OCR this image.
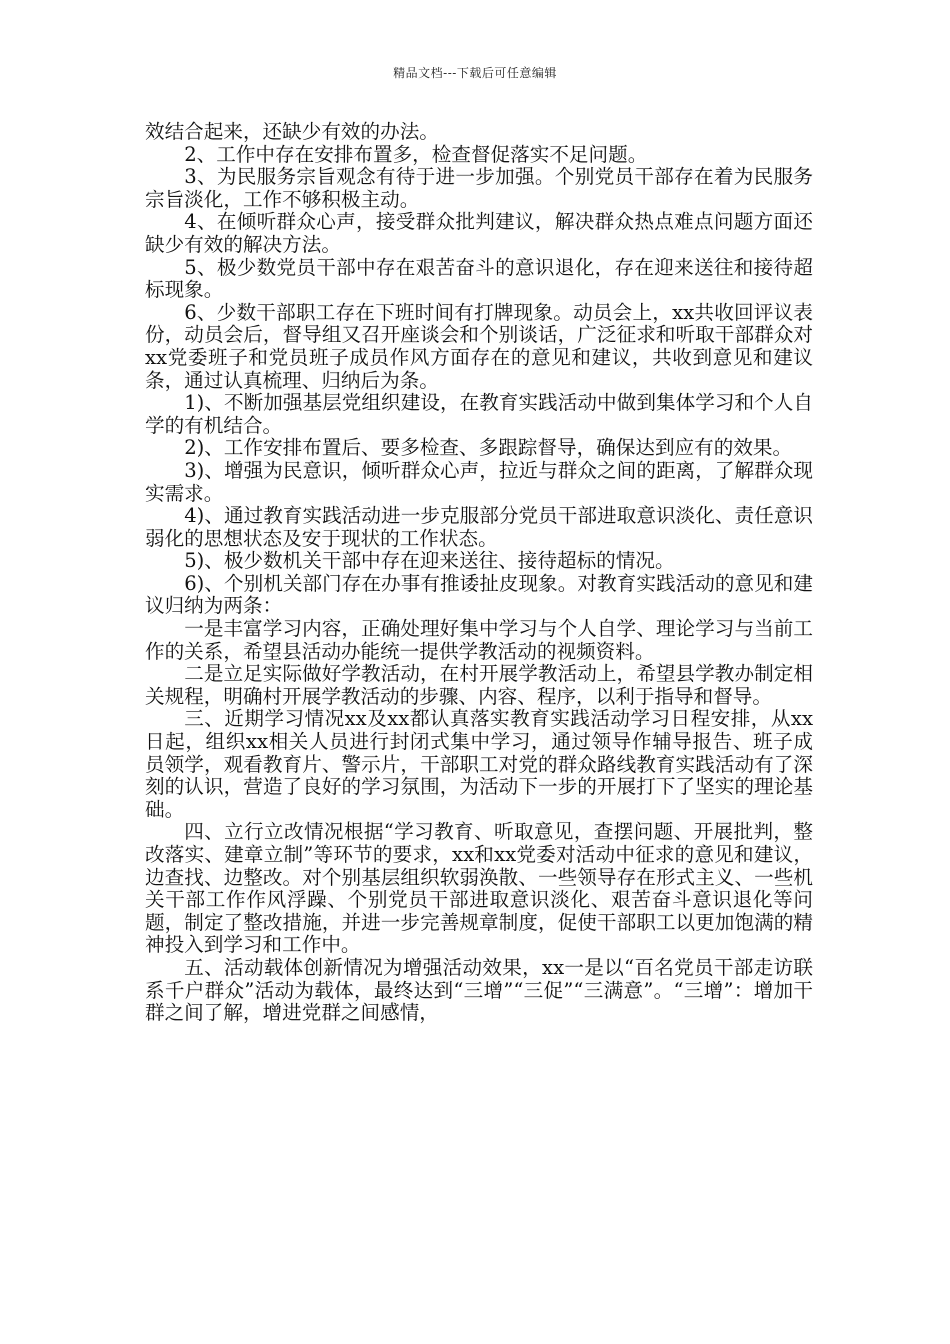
精品文档---下载后可任意编辑

效结合起来，还缺少有效的办法。

2、工作中存在安排布置多，检查督促落实不足问题。

3、为民服务宗旨观念有待于进一步加强。个别党员干部存在着为民服务宗旨淡化，工作不够积极主动。

4、在倾听群众心声，接受群众批判建议，解决群众热点难点问题方面还缺少有效的解决方法。

5、极少数党员干部中存在艰苦奋斗的意识退化，存在迎来送往和接待超标现象。

6、少数干部职工存在下班时间有打牌现象。动员会上，xx共收回评议表份，动员会后，督导组又召开座谈会和个别谈话，广泛征求和听取干部群众对xx党委班子和党员班子成员作风方面存在的意见和建议，共收到意见和建议条，通过认真梳理、归纳后为条。

1)、不断加强基层党组织建设，在教育实践活动中做到集体学习和个人自学的有机结合。

2)、工作安排布置后、要多检查、多跟踪督导，确保达到应有的效果。

3)、增强为民意识，倾听群众心声，拉近与群众之间的距离，了解群众现实需求。

4)、通过教育实践活动进一步克服部分党员干部进取意识淡化、责任意识弱化的思想状态及安于现状的工作状态。

5)、极少数机关干部中存在迎来送往、接待超标的情况。

6)、个别机关部门存在办事有推诿扯皮现象。对教育实践活动的意见和建议归纳为两条：

一是丰富学习内容，正确处理好集中学习与个人自学、理论学习与当前工作的关系，希望县活动办能统一提供学教活动的视频资料。

二是立足实际做好学教活动，在村开展学教活动上，希望县学教办制定相关规程，明确村开展学教活动的步骤、内容、程序，以利于指导和督导。

三、近期学习情况xx及xx都认真落实教育实践活动学习日程安排，从xx日起，组织xx相关人员进行封闭式集中学习，通过领导作辅导报告、班子成员领学，观看教育片、警示片，干部职工对党的群众路线教育实践活动有了深刻的认识，营造了良好的学习氛围，为活动下一步的开展打下了坚实的理论基础。

四、立行立改情况根据“学习教育、听取意见，查摆问题、开展批判，整改落实、建章立制”等环节的要求，xx和xx党委对活动中征求的意见和建议，边查找、边整改。对个别基层组织软弱涣散、一些领导存在形式主义、一些机关干部工作作风浮躁、个别党员干部进取意识淡化、艰苦奋斗意识退化等问题，制定了整改措施，并进一步完善规章制度，促使干部职工以更加饱满的精神投入到学习和工作中。

五、活动载体创新情况为增强活动效果，xx一是以“百名党员干部走访联系千户群众”活动为载体，最终达到“三增”“三促”“三满意”。“三增”：增加干群之间了解，增进党群之间感情，
